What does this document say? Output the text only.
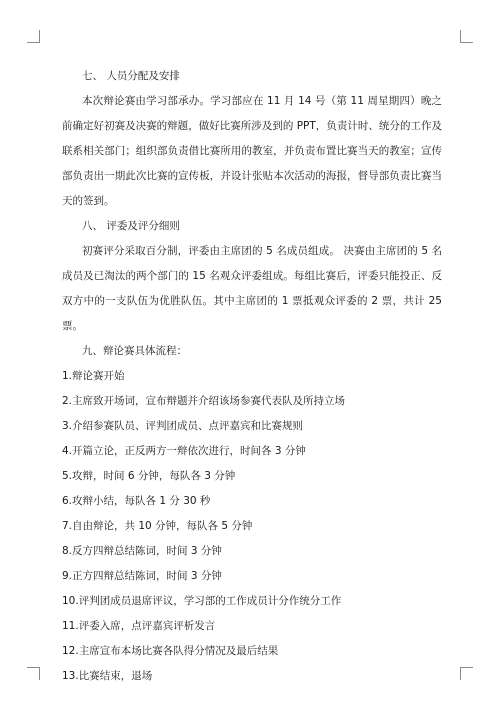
七、 人员分配及安排

本次辩论赛由学习部承办。学习部应在 11 月 14 号（第 11 周星期四）晚之前确定好初赛及决赛的辩题，做好比赛所涉及到的 PPT，负责计时、统分的工作及联系相关部门；组织部负责借比赛所用的教室，并负责布置比赛当天的教室；宣传部负责出一期此次比赛的宣传板，并设计张贴本次活动的海报，督导部负责比赛当天的签到。

八、 评委及评分细则

初赛评分采取百分制，评委由主席团的 5 名成员组成。 决赛由主席团的 5 名成员及已淘汰的两个部门的 15 名观众评委组成。每组比赛后，评委只能投正、反双方中的一支队伍为优胜队伍。其中主席团的 1 票抵观众评委的 2 票，共计 25 票。

九、辩论赛具体流程：
1.辩论赛开始
2.主席致开场词，宣布辩题并介绍该场参赛代表队及所持立场
3.介绍参赛队员、评判团成员、点评嘉宾和比赛规则
4.开篇立论，正反两方一辩依次进行，时间各 3 分钟
5.攻辩，时间 6 分钟，每队各 3 分钟
6.攻辩小结，每队各 1 分 30 秒
7.自由辩论，共 10 分钟，每队各 5 分钟
8.反方四辩总结陈词，时间 3 分钟
9.正方四辩总结陈词，时间 3 分钟
10.评判团成员退席评议，学习部的工作成员计分作统分工作
11.评委入席，点评嘉宾评析发言
12.主席宣布本场比赛各队得分情况及最后结果
13.比赛结束，退场
